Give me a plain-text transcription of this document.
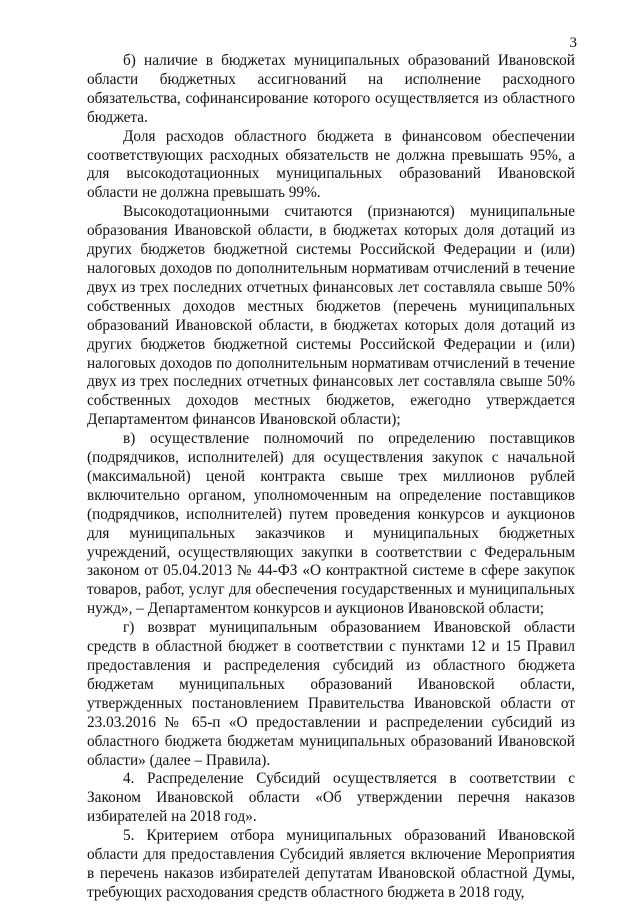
3

б) наличие в бюджетах муниципальных образований Ивановской области бюджетных ассигнований на исполнение расходного обязательства, софинансирование которого осуществляется из областного бюджета.

Доля расходов областного бюджета в финансовом обеспечении соответствующих расходных обязательств не должна превышать 95%, а для высокодотационных муниципальных образований Ивановской области не должна превышать 99%.

Высокодотационными считаются (признаются) муниципальные образования Ивановской области, в бюджетах которых доля дотаций из других бюджетов бюджетной системы Российской Федерации и (или) налоговых доходов по дополнительным нормативам отчислений в течение двух из трех последних отчетных финансовых лет составляла свыше 50% собственных доходов местных бюджетов (перечень муниципальных образований Ивановской области, в бюджетах которых доля дотаций из других бюджетов бюджетной системы Российской Федерации и (или) налоговых доходов по дополнительным нормативам отчислений в течение двух из трех последних отчетных финансовых лет составляла свыше 50% собственных доходов местных бюджетов, ежегодно утверждается Департаментом финансов Ивановской области);

в) осуществление полномочий по определению поставщиков (подрядчиков, исполнителей) для осуществления закупок с начальной (максимальной) ценой контракта свыше трех миллионов рублей включительно органом, уполномоченным на определение поставщиков (подрядчиков, исполнителей) путем проведения конкурсов и аукционов для муниципальных заказчиков и муниципальных бюджетных учреждений, осуществляющих закупки в соответствии с Федеральным законом от 05.04.2013 № 44-ФЗ «О контрактной системе в сфере закупок товаров, работ, услуг для обеспечения государственных и муниципальных нужд», – Департаментом конкурсов и аукционов Ивановской области;

г) возврат муниципальным образованием Ивановской области средств в областной бюджет в соответствии с пунктами 12 и 15 Правил предоставления и распределения субсидий из областного бюджета бюджетам муниципальных образований Ивановской области, утвержденных постановлением Правительства Ивановской области от 23.03.2016 № 65-п «О предоставлении и распределении субсидий из областного бюджета бюджетам муниципальных образований Ивановской области» (далее – Правила).

4. Распределение Субсидий осуществляется в соответствии с Законом Ивановской области «Об утверждении перечня наказов избирателей на 2018 год».

5. Критерием отбора муниципальных образований Ивановской области для предоставления Субсидий является включение Мероприятия в перечень наказов избирателей депутатам Ивановской областной Думы, требующих расходования средств областного бюджета в 2018 году,
